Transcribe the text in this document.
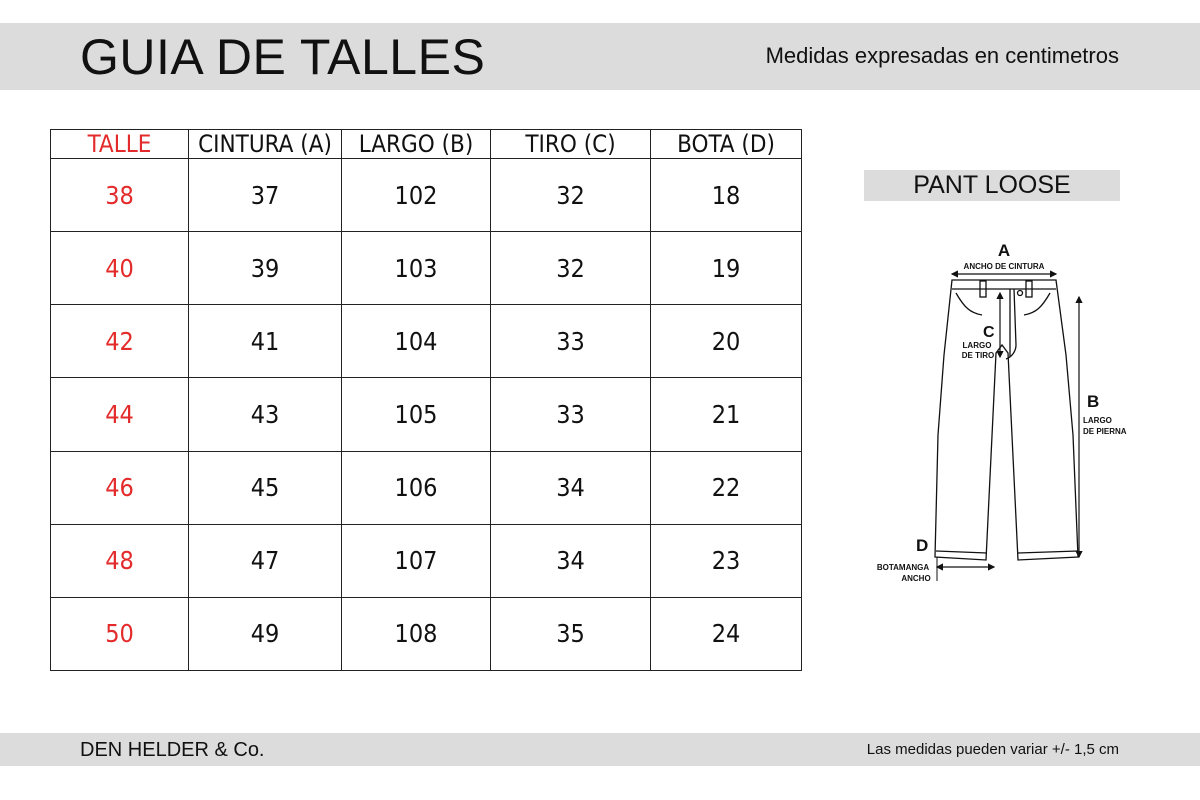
GUIA DE TALLES	Medidas expresadas en centimetros
TALLE	CINTURA (A)	LARGO (B)	TIRO (C)	BOTA (D)
38	37	102	32	18
40	39	103	32	19
42	41	104	33	20
44	43	105	33	21
46	45	106	34	22
48	47	107	34	23
50	49	108	35	24
PANT LOOSE
A
ANCHO DE CINTURA
B
LARGO
DE PIERNA
C
LARGO
DE TIRO
D
BOTAMANGA
ANCHO
DEN HELDER & Co.	Las medidas pueden variar +/- 1,5 cm
